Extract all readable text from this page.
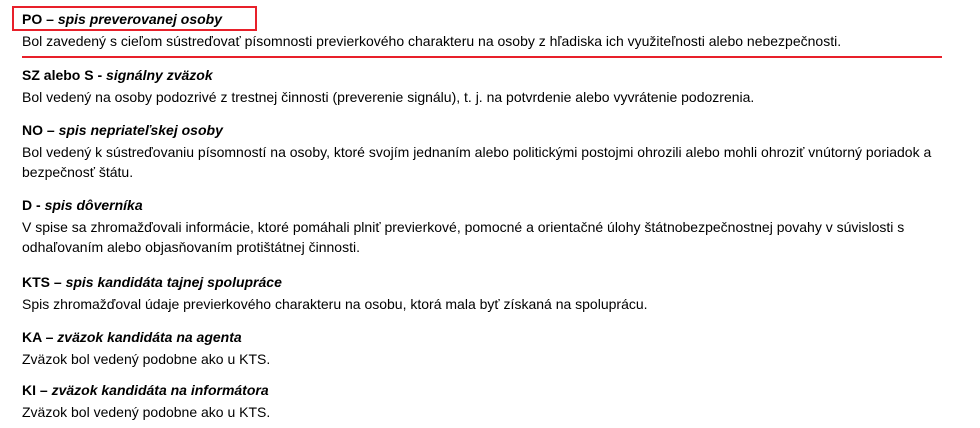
PO – spis preverovanej osoby
Bol zavedený s cieľom sústreďovať písomnosti previerkového charakteru na osoby z hľadiska ich využiteľnosti alebo nebezpečnosti.
SZ alebo S - signálny zväzok
Bol vedený na osoby podozrivé z trestnej činnosti (preverenie signálu), t. j. na potvrdenie alebo vyvrátenie podozrenia.
NO – spis nepriateľskej osoby
Bol vedený k sústreďovaniu písomností na osoby, ktoré svojím jednaním alebo politickými postojmi ohrozili alebo mohli ohroziť vnútorný poriadok a bezpečnosť štátu.
D - spis dôverníka
V spise sa zhromažďovali informácie, ktoré pomáhali plniť previerkové, pomocné a orientačné úlohy štátnobezpečnostnej povahy v súvislosti s odhaľovaním alebo objasňovaním protištátnej činnosti.
KTS – spis kandidáta tajnej spolupráce
Spis zhromažďoval údaje previerkového charakteru na osobu, ktorá mala byť získaná na spoluprácu.
KA – zväzok kandidáta na agenta
Zväzok bol vedený podobne ako u KTS.
KI – zväzok kandidáta na informátora
Zväzok bol vedený podobne ako u KTS.
